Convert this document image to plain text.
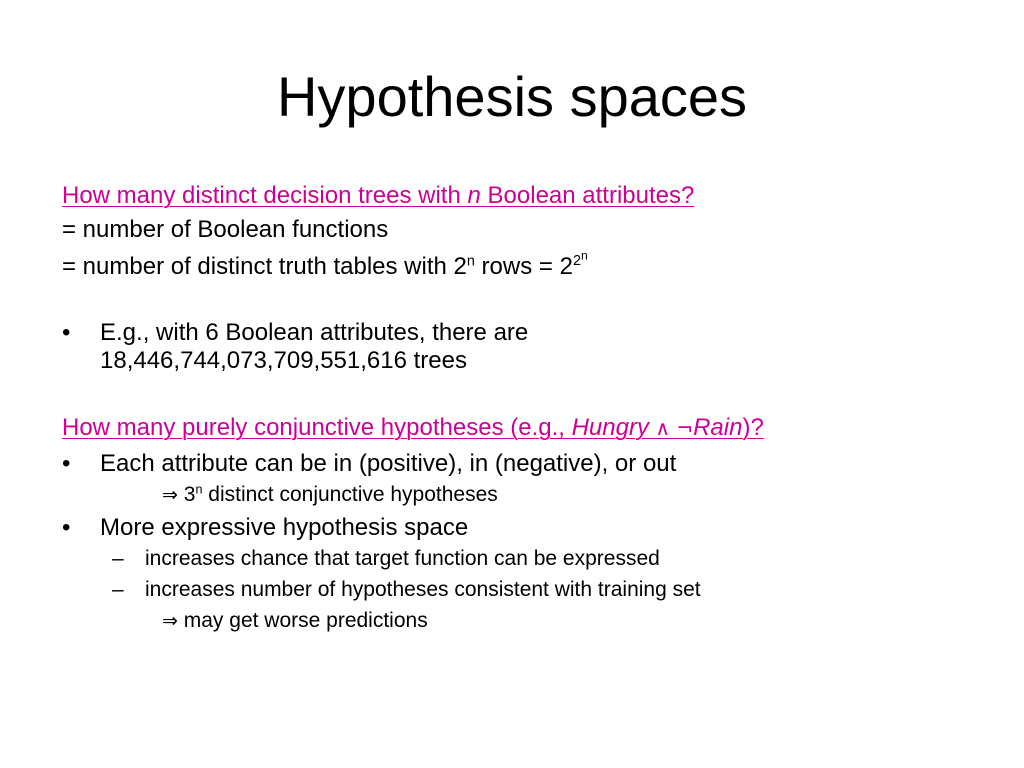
Hypothesis spaces
How many distinct decision trees with n Boolean attributes?
= number of Boolean functions
= number of distinct truth tables with 2$^n$ rows = $2^{2^n}$
• E.g., with 6 Boolean attributes, there are
18,446,744,073,709,551,616 trees
How many purely conjunctive hypotheses (e.g., Hungry ∧ ¬Rain)?
• Each attribute can be in (positive), in (negative), or out
⇒ 3$^n$ distinct conjunctive hypotheses
• More expressive hypothesis space
– increases chance that target function can be expressed
– increases number of hypotheses consistent with training set
⇒ may get worse predictions
